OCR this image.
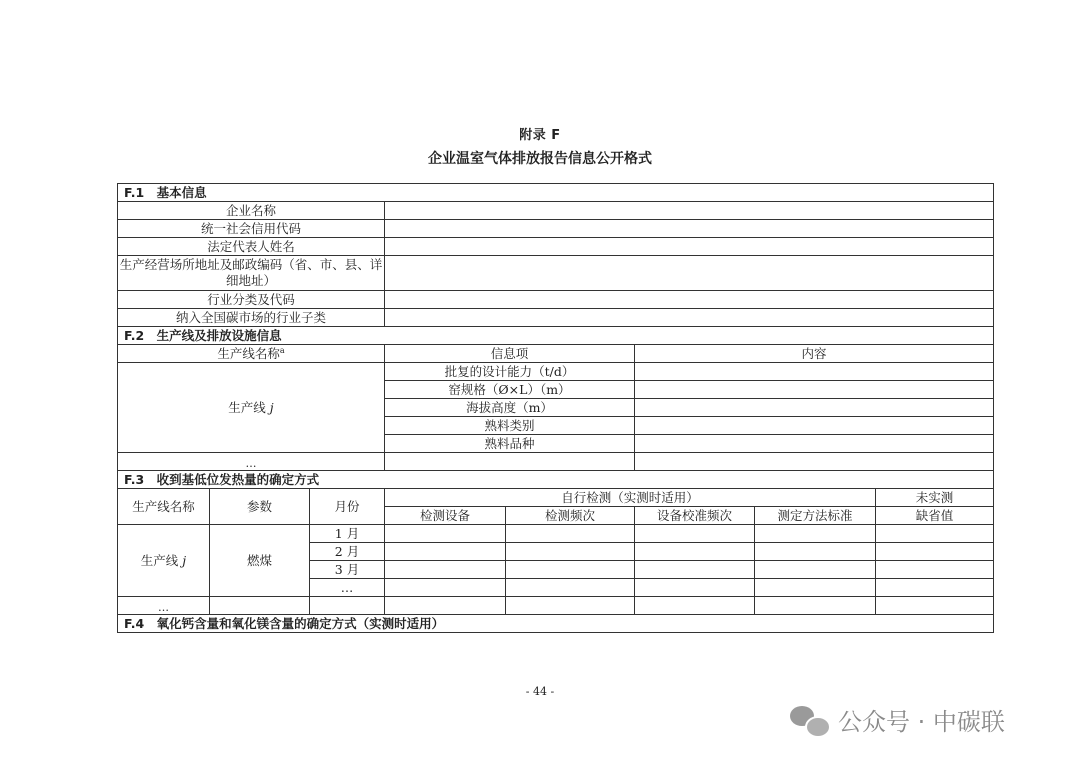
附录 F
企业温室气体排放报告信息公开格式
F.1　基本信息							
企业名称							
统一社会信用代码							
法定代表人姓名							
生产经营场所地址及邮政编码（省、市、县、详细地址）							
行业分类及代码							
纳入全国碳市场的行业子类							
F.2　生产线及排放设施信息							
生产线名称$^a$			信息项		内容		
生产线 j			批复的设计能力（t/d）				
			窑规格（Ø×L）（m）				
			海拔高度（m）				
			熟料类别				
			熟料品种				
…							
F.3　收到基低位发热量的确定方式							
生产线名称	参数	月份	自行检测（实测时适用）				未实测
			检测设备	检测频次	设备校准频次	测定方法标准	缺省值
生产线 j	燃煤	1 月					
		2 月					
		3 月					
		…					
…							
F.4　氧化钙含量和氧化镁含量的确定方式（实测时适用）							
- 44 -
公众号 · 中碳联
